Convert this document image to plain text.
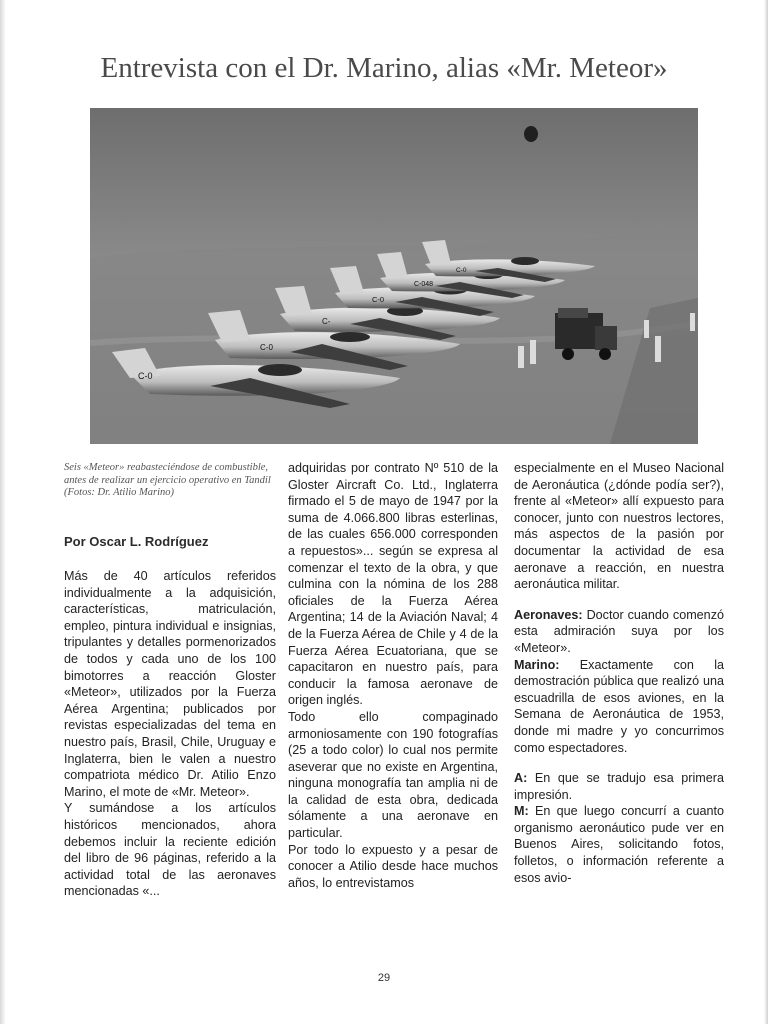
Entrevista con el Dr. Marino, alias «Mr. Meteor»
C-0
C-0
C-
C-0
C-048
C-0
Seis «Meteor» reabasteciéndose de combustible, antes de realizar un ejercicio operativo en Tandil (Fotos: Dr. Atilio Marino)
Por Oscar L. Rodríguez

Más de 40 artículos referidos individualmente a la adquisición, características, matriculación, empleo, pintura individual e insignias, tripulantes y detalles pormenorizados de todos y cada uno de los 100 bimotorres a reacción Gloster «Meteor», utilizados por la Fuerza Aérea Argentina; publicados por revistas especializadas del tema en nuestro país, Brasil, Chile, Uruguay e Inglaterra, bien le valen a nuestro compatriota médico Dr. Atilio Enzo Marino, el mote de «Mr. Meteor».

Y sumándose a los artículos históricos mencionados, ahora debemos incluir la reciente edición del libro de 96 páginas, referido a la actividad total de las aeronaves mencionadas «...

adquiridas por contrato Nº 510 de la Gloster Aircraft Co. Ltd., Inglaterra firmado el 5 de mayo de 1947 por la suma de 4.066.800 libras esterlinas, de las cuales 656.000 corresponden a repuestos»... según se expresa al comenzar el texto de la obra, y que culmina con la nómina de los 288 oficiales de la Fuerza Aérea Argentina; 14 de la Aviación Naval; 4 de la Fuerza Aérea de Chile y 4 de la Fuerza Aérea Ecuatoriana, que se capacitaron en nuestro país, para conducir la famosa aeronave de origen inglés.

Todo ello compaginado armoniosamente con 190 fotografías (25 a todo color) lo cual nos permite aseverar que no existe en Argentina, ninguna monografía tan amplia ni de la calidad de esta obra, dedicada sólamente a una aeronave en particular.

Por todo lo expuesto y a pesar de conocer a Atilio desde hace muchos años, lo entrevistamos

especialmente en el Museo Nacional de Aeronáutica (¿dónde podía ser?), frente al «Meteor» allí expuesto para conocer, junto con nuestros lectores, más aspectos de la pasión por documentar la actividad de esa aeronave a reacción, en nuestra aeronáutica militar.

Aeronaves: Doctor cuando comenzó esta admiración suya por los «Meteor».

Marino: Exactamente con la demostración pública que realizó una escuadrilla de esos aviones, en la Semana de Aeronáutica de 1953, donde mi madre y yo concurrimos como espectadores.

A: En que se tradujo esa primera impresión.

M: En que luego concurrí a cuanto organismo aeronáutico pude ver en Buenos Aires, solicitando fotos, folletos, o información referente a esos avio-

29
